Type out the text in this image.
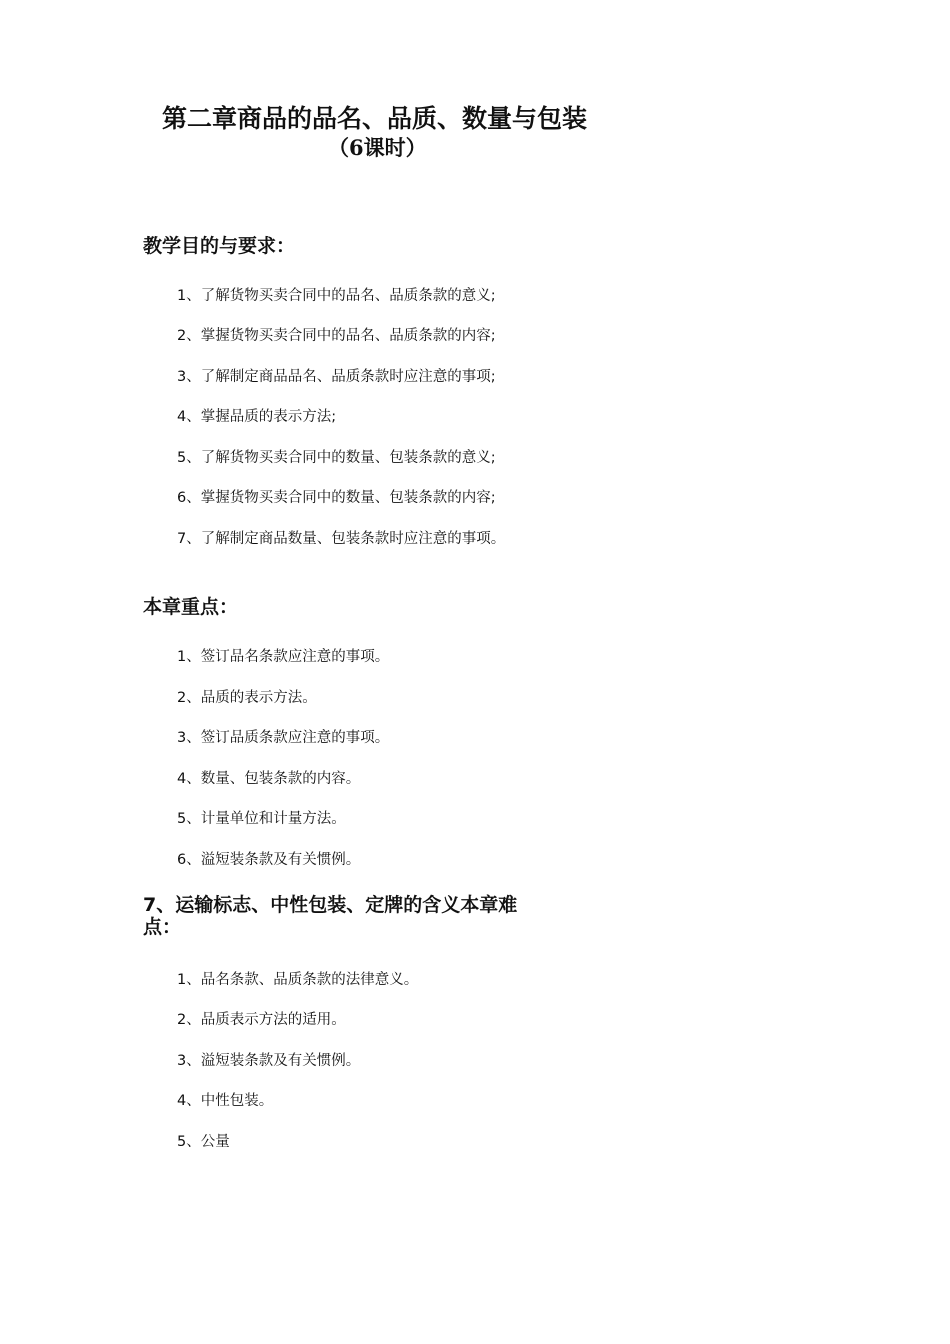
第二章商品的品名、品质、数量与包装
（6课时）
教学目的与要求：
1、了解货物买卖合同中的品名、品质条款的意义;
2、掌握货物买卖合同中的品名、品质条款的内容;
3、了解制定商品品名、品质条款时应注意的事项;
4、掌握品质的表示方法;
5、了解货物买卖合同中的数量、包装条款的意义;
6、掌握货物买卖合同中的数量、包装条款的内容;
7、了解制定商品数量、包装条款时应注意的事项。
本章重点：
1、签订品名条款应注意的事项。
2、品质的表示方法。
3、签订品质条款应注意的事项。
4、数量、包装条款的内容。
5、计量单位和计量方法。
6、溢短装条款及有关惯例。
7、运输标志、中性包装、定牌的含义本章难
点：
1、品名条款、品质条款的法律意义。
2、品质表示方法的适用。
3、溢短装条款及有关惯例。
4、中性包装。
5、公量
